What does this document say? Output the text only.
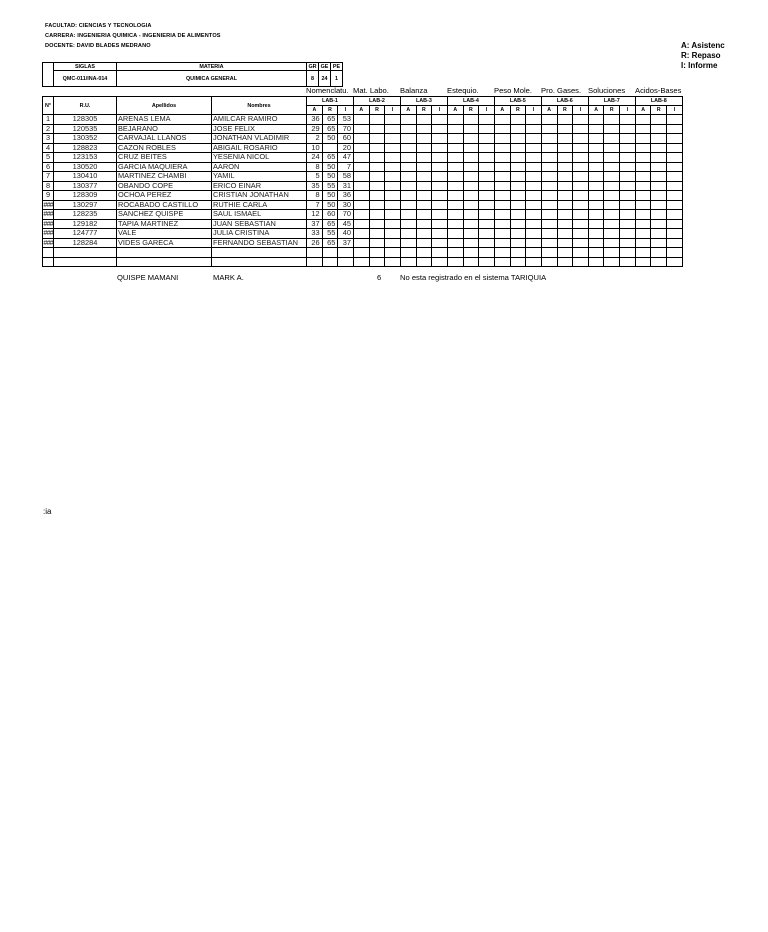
FACULTAD: CIENCIAS Y TECNOLOGIA
CARRERA: INGENIERIA QUIMICA - INGENIERIA DE ALIMENTOS
DOCENTE: DAVID BLADES MEDRANO	A: Asistenc
R: Repaso
I: Informe
	SIGLAS	MATERIA	GR	GE	PE
	QMC-011/INA-014	QUIMICA GENERAL	8	24	1
Nomenclatu. Mat. Labo. Balanza	Estequio. Peso Mole. Pro. Gases. Soluciones Acidos-Bases
N°	R.U.	Apellidos	Nombres	LAB-1			LAB-2			LAB-3			LAB-4			LAB-5			LAB-6			LAB-7			LAB-8		
				A	R	I	A	R	I	A	R	I	A	R	I	A	R	I	A	R	I	A	R	I	A	R	I
1	128305	ARENAS LEMA	AMILCAR RAMIRO	36	65	53																					
2	120535	BEJARANO	JOSE FELIX	29	65	70																					
3	130352	CARVAJAL LLANOS	JONATHAN VLADIMIR	2	50	60																					
4	128823	CAZON ROBLES	ABIGAIL ROSARIO	10		20																					
5	123153	CRUZ BEITES	YESENIA NICOL	24	65	47																					
6	130520	GARCIA MAQUIERA	AARON	8	50	7																					
7	130410	MARTINEZ CHAMBI	YAMIL	5	50	58																					
8	130377	OBANDO COPE	ERICO EINAR	35	55	31																					
9	128309	OCHOA PEREZ	CRISTIAN JONATHAN	8	50	36																					
###	130297	ROCABADO CASTILLO	RUTHIE CARLA	7	50	30																					
###	128235	SANCHEZ QUISPE	SAUL ISMAEL	12	60	70																					
###	129182	TAPIA MARTINEZ	JUAN SEBASTIAN	37	65	45																					
###	124777	VALE	JULIA CRISTINA	33	55	40																					
###	128284	VIDES GARECA	FERNANDO SEBASTIAN	26	65	37																					

QUISPE MAMANI	MARK A.	6 No esta registrado en el sistema TARIQUIA
:ia
